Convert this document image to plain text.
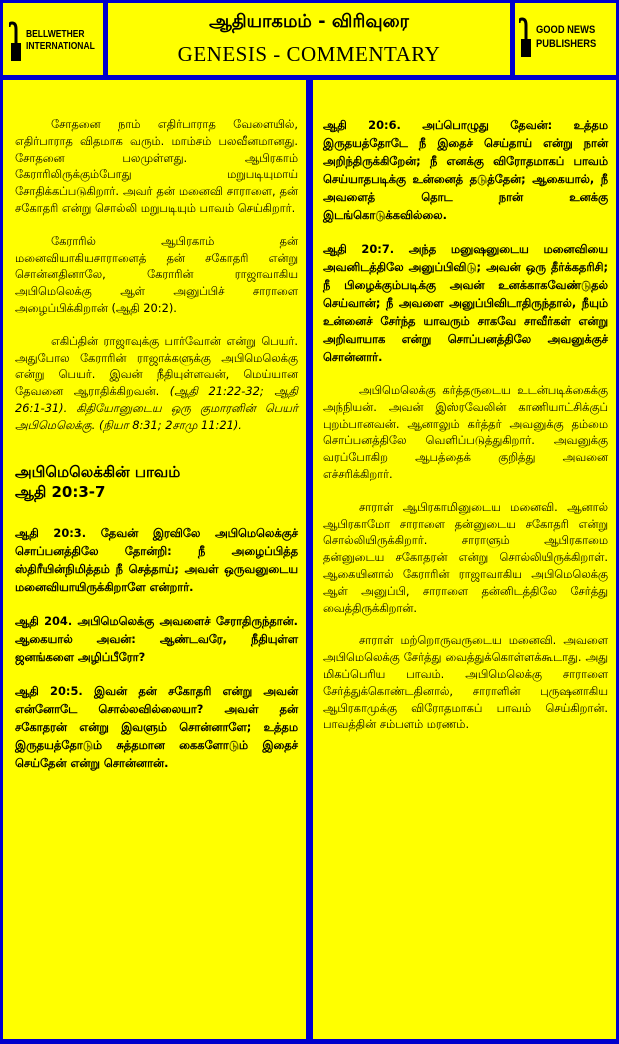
BELLWETHER
INTERNATIONAL
ஆதியாகமம் - விரிவுரை
GENESIS - COMMENTARY
GOOD NEWS
PUBLISHERS

சோதனை நாம் எதிர்பாராத வேளையில், எதிர்பாராத விதமாக வரும். மாம்சம் பலவீனமானது. சோதனை பலமுள்ளது. ஆபிரகாம் கேராரிலிருக்கும்போது மறுபடியுமாய் சோதிக்கப்படுகிறார். அவர் தன் மனைவி சாராளை, தன் சகோதரி என்று சொல்லி மறுபடியும் பாவம் செய்கிறார்.

கேராரில் ஆபிரகாம் தன் மனைவியாகியசாராளைத் தன் சகோதரி என்று சொன்னதினாலே, கேராரின் ராஜாவாகிய அபிமெலெக்கு ஆள் அனுப்பிச் சாராளை அழைப்பிக்கிறான் (ஆதி 20:2).

எகிப்தின் ராஜாவுக்கு பார்வோன் என்று பெயர். அதுபோல கேராரின் ராஜாக்களுக்கு அபிமெலெக்கு என்று பெயர். இவன் நீதியுள்ளவன், மெய்யான தேவனை ஆராதிக்கிறவன். (ஆதி 21:22-32; ஆதி 26:1-31). கிதியோனுடைய ஒரு குமாரனின் பெயர் அபிமெலெக்கு. (நியா 8:31; 2சாமு 11:21).

அபிமெலெக்கின் பாவம்
ஆதி 20:3-7

ஆதி 20:3. தேவன் இரவிலே அபிமெலெக்குச் சொப்பனத்திலே தோன்றி: நீ அழைப்பித்த ஸ்திரீயின்நிமித்தம் நீ செத்தாய்; அவள் ஒருவனுடைய மனைவியாயிருக்கிறாளே என்றார்.

ஆதி 204. அபிமெலெக்கு அவளைச் சேராதிருந்தான். ஆகையால் அவன்: ஆண்டவரே, நீதியுள்ள ஜனங்களை அழிப்பீரோ?

ஆதி 20:5. இவன் தன் சகோதரி என்று அவன் என்னோடே சொல்லவில்லையா? அவள் தன் சகோதரன் என்று இவளும் சொன்னாளே; உத்தம இருதயத்தோடும் சுத்தமான கைகளோடும் இதைச் செய்தேன் என்று சொன்னான்.

ஆதி 20:6. அப்பொழுது தேவன்: உத்தம இருதயத்தோடே நீ இதைச் செய்தாய் என்று நான் அறிந்திருக்கிறேன்; நீ எனக்கு விரோதமாகப் பாவம் செய்யாதபடிக்கு உன்னைத் தடுத்தேன்; ஆகையால், நீ அவளைத் தொட நான் உனக்கு இடங்கொடுக்கவில்லை.

ஆதி 20:7. அந்த மனுஷனுடைய மனைவியை அவனிடத்திலே அனுப்பிவிடு; அவன் ஒரு தீர்க்கதரிசி; நீ பிழைக்கும்படிக்கு அவன் உனக்காகவேண்டுதல் செய்வான்; நீ அவளை அனுப்பிவிடாதிருந்தால், நீயும் உன்னைச் சேர்ந்த யாவரும் சாகவே சாவீர்கள் என்று அறிவாயாக என்று சொப்பனத்திலே அவனுக்குச் சொன்னார்.

அபிமெலெக்கு கர்த்தருடைய உடன்படிக்கைக்கு அந்நியன். அவன் இஸ்ரவேலின் காணியாட்சிக்குப் புறம்பானவன். ஆனாலும் கர்த்தர் அவனுக்கு தம்மை சொப்பனத்திலே வெளிப்படுத்துகிறார். அவனுக்கு வரப்போகிற ஆபத்தைக் குறித்து அவனை எச்சரிக்கிறார்.

சாராள் ஆபிரகாமினுடைய மனைவி. ஆனால் ஆபிரகாமோ சாராளை தன்னுடைய சகோதரி என்று சொல்லியிருக்கிறார். சாராளும் ஆபிரகாமை தன்னுடைய சகோதரன் என்று சொல்லியிருக்கிறாள். ஆகையினால் கேராரின் ராஜாவாகிய அபிமெலெக்கு ஆள் அனுப்பி, சாராளை தன்னிடத்திலே சேர்த்து வைத்திருக்கிறான்.

சாராள் மற்றொருவருடைய மனைவி. அவளை அபிமெலெக்கு சேர்த்து வைத்துக்கொள்ளக்கூடாது. அது மிகப்பெரிய பாவம். அபிமெலெக்கு சாராளை சேர்த்துக்கொண்டதினால், சாராளின் புருஷனாகிய ஆபிரகாமுக்கு விரோதமாகப் பாவம் செய்கிறான். பாவத்தின் சம்பளம் மரணம்.
